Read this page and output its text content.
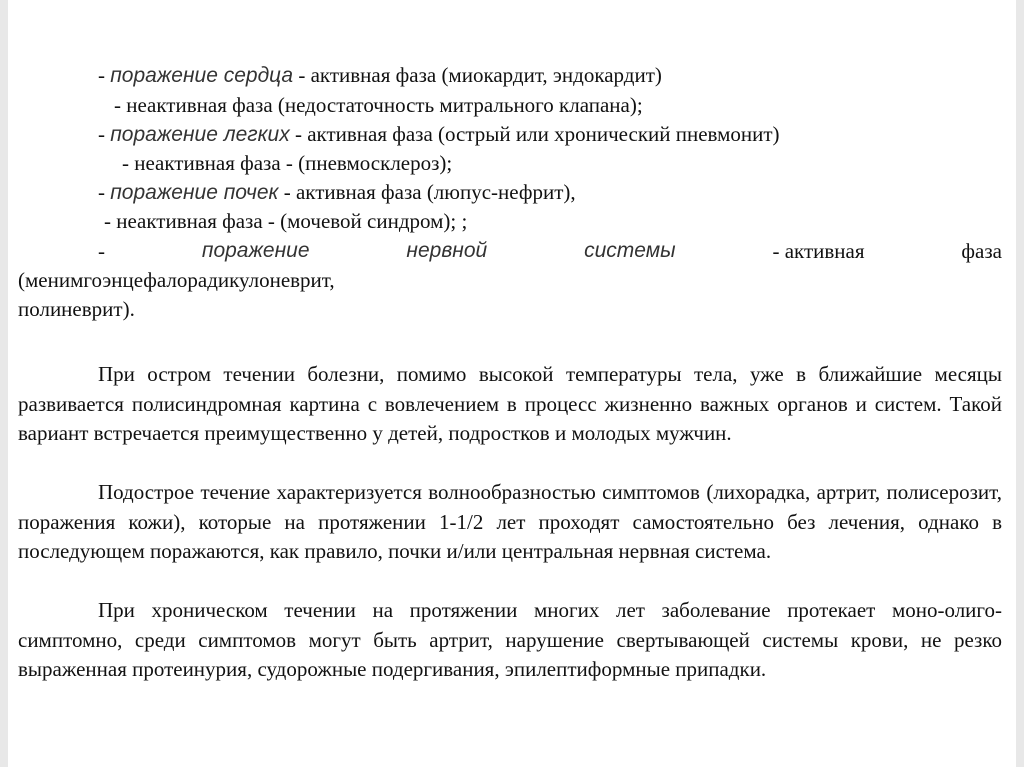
- поражение сердца - активная фаза (миокардит, эндокардит)
- неактивная фаза (недостаточность митрального клапана);
- поражение легких - активная фаза (острый или хронический пневмонит)
- неактивная фаза - (пневмосклероз);
- поражение почек - активная фаза (люпус-нефрит),
- неактивная фаза - (мочевой синдром); ;
-	поражение	нервной	системы	- активная	фаза
(менимгоэнцефалорадикулоневрит,
полиневрит).

При остром течении болезни, помимо высокой температуры тела, уже в ближайшие месяцы развивается полисиндромная картина с вовлечением в процесс жизненно важных органов и систем. Такой вариант встречается преимущественно у детей, подростков и молодых мужчин.

Подострое течение характеризуется волнообразностью симптомов (лихорадка, артрит, полисерозит, поражения кожи), которые на протяжении 1-1/2 лет проходят самостоятельно без лечения, однако в последующем поражаются, как правило, почки и/или центральная нервная система.

При хроническом течении на протяжении многих лет заболевание протекает моно-олиго-симптомно, среди симптомов могут быть артрит, нарушение свертывающей системы крови, не резко выраженная протеинурия, судорожные подергивания, эпилептиформные припадки.
